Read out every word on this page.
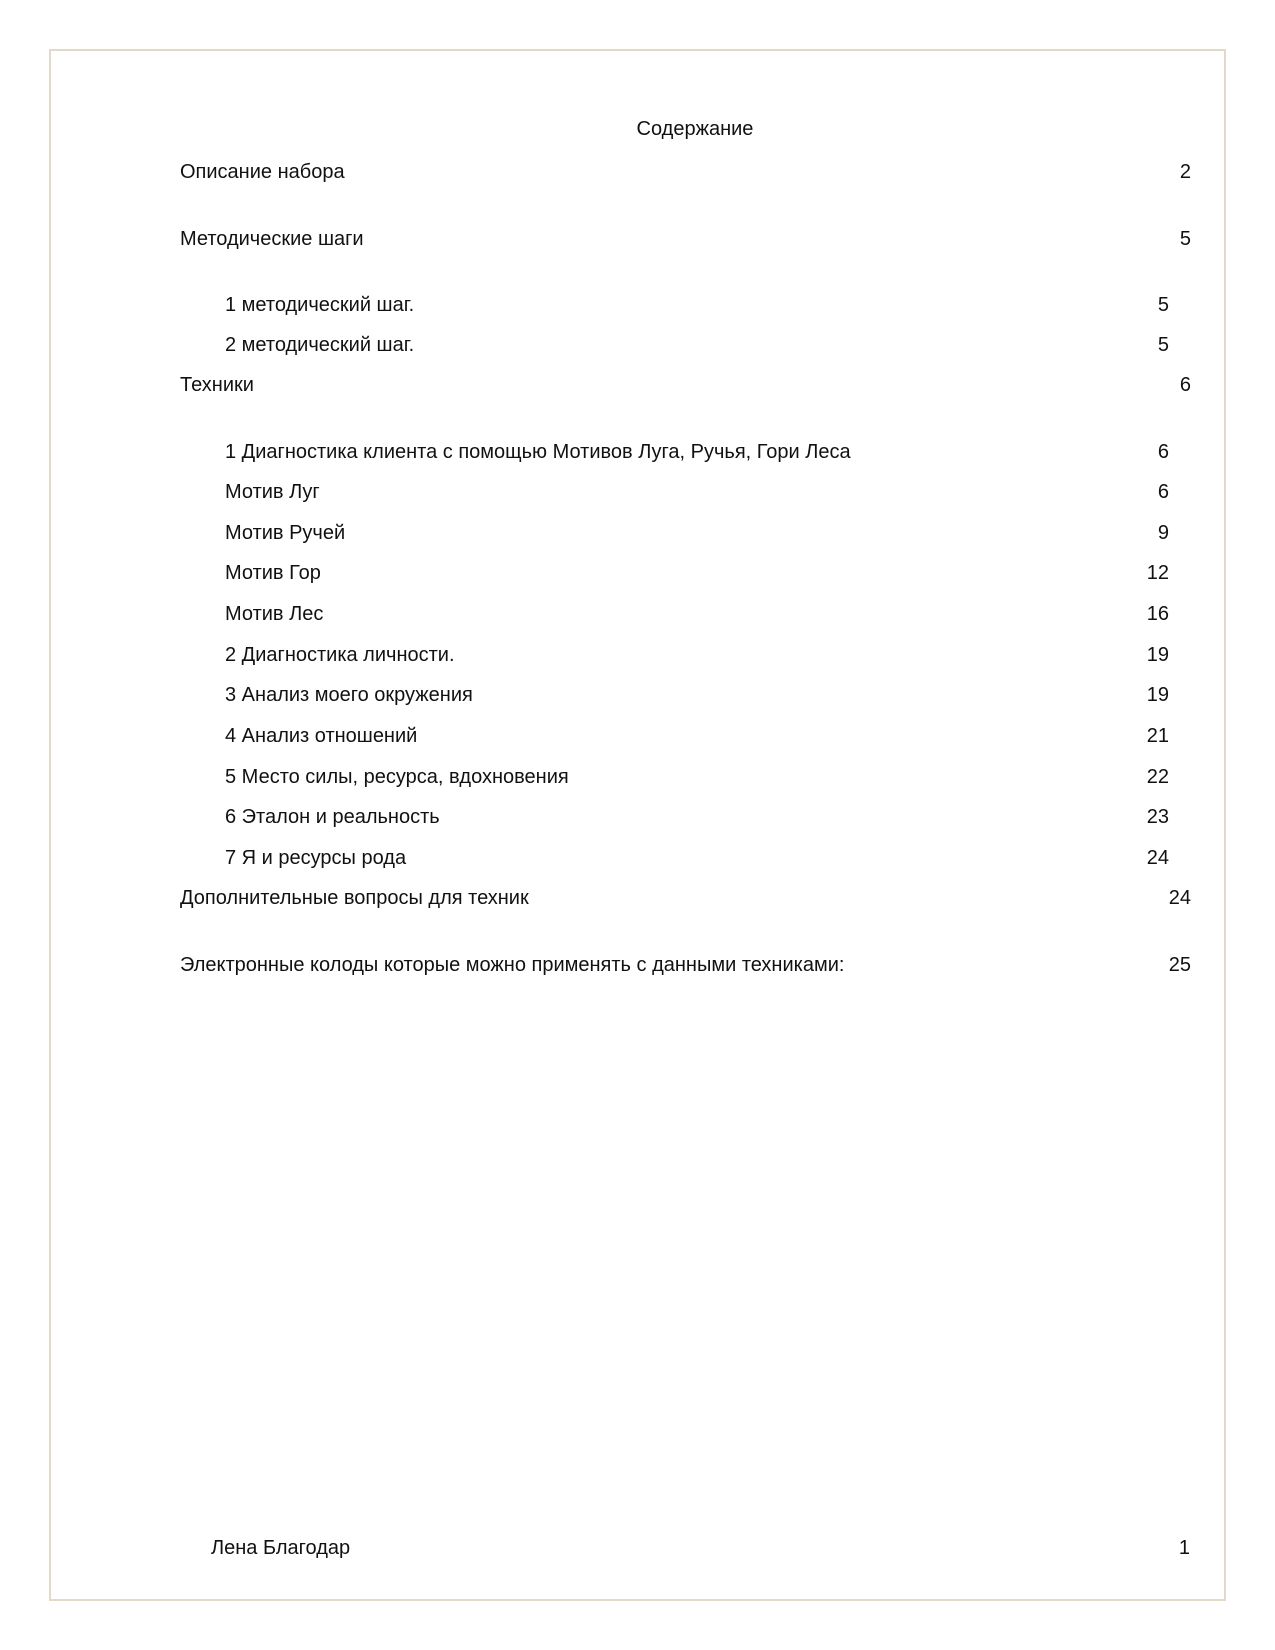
Содержание
Описание набора	2
Методические шаги	5
1 методический шаг.	5
2 методический шаг.	5
Техники	6
1 Диагностика клиента с помощью Мотивов Луга, Ручья, Гори Леса	6
Мотив Луг	6
Мотив Ручей	9
Мотив Гор	12
Мотив Лес	16
2 Диагностика личности.	19
3 Анализ моего окружения	19
4 Анализ отношений	21
5 Место силы, ресурса, вдохновения	22
6 Эталон и реальность	23
7 Я и ресурсы рода	24
Дополнительные вопросы для техник	24
Электронные колоды которые можно применять с данными техниками:	25
Лена Благодар	1
